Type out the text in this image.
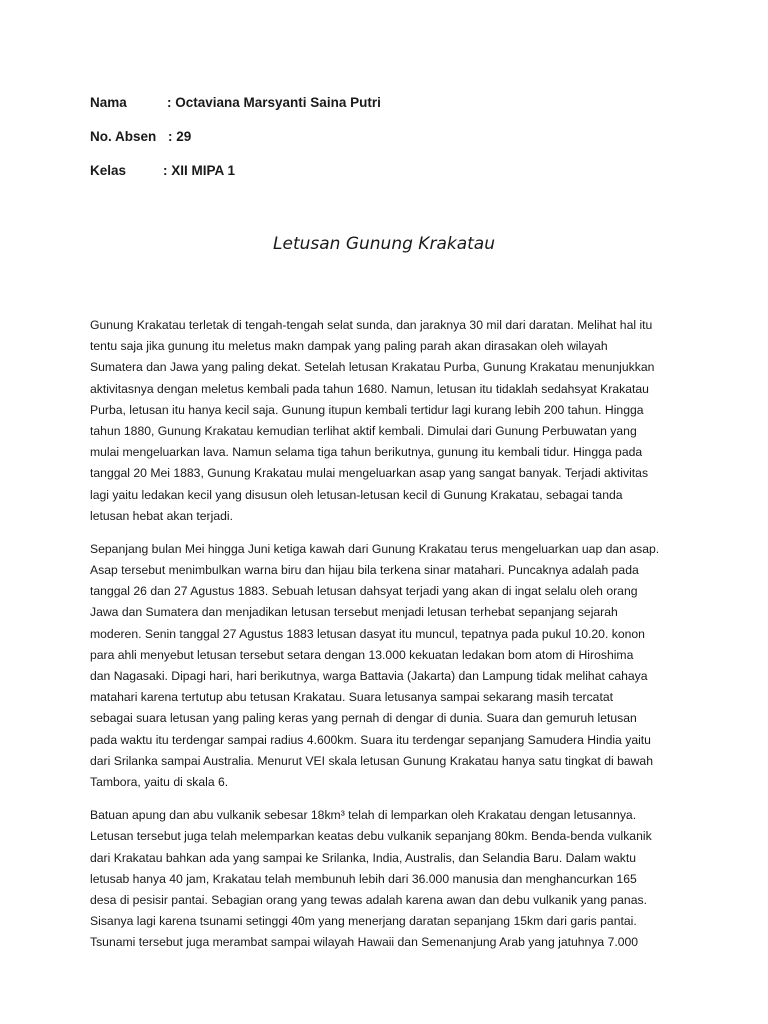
Nama	: Octaviana Marsyanti Saina Putri
No. Absen : 29
Kelas	: XII MIPA 1
Letusan Gunung Krakatau
Gunung Krakatau terletak di tengah-tengah selat sunda, dan jaraknya 30 mil dari daratan. Melihat hal itu
tentu saja jika gunung itu meletus makn dampak yang paling parah akan dirasakan oleh wilayah
Sumatera dan Jawa yang paling dekat. Setelah letusan Krakatau Purba, Gunung Krakatau menunjukkan
aktivitasnya dengan meletus kembali pada tahun 1680. Namun, letusan itu tidaklah sedahsyat Krakatau
Purba, letusan itu hanya kecil saja. Gunung itupun kembali tertidur lagi kurang lebih 200 tahun. Hingga
tahun 1880, Gunung Krakatau kemudian terlihat aktif kembali. Dimulai dari Gunung Perbuwatan yang
mulai mengeluarkan lava. Namun selama tiga tahun berikutnya, gunung itu kembali tidur. Hingga pada
tanggal 20 Mei 1883, Gunung Krakatau mulai mengeluarkan asap yang sangat banyak. Terjadi aktivitas
lagi yaitu ledakan kecil yang disusun oleh letusan-letusan kecil di Gunung Krakatau, sebagai tanda
letusan hebat akan terjadi.
Sepanjang bulan Mei hingga Juni ketiga kawah dari Gunung Krakatau terus mengeluarkan uap dan asap.
Asap tersebut menimbulkan warna biru dan hijau bila terkena sinar matahari. Puncaknya adalah pada
tanggal 26 dan 27 Agustus 1883. Sebuah letusan dahsyat terjadi yang akan di ingat selalu oleh orang
Jawa dan Sumatera dan menjadikan letusan tersebut menjadi letusan terhebat sepanjang sejarah
moderen. Senin tanggal 27 Agustus 1883 letusan dasyat itu muncul, tepatnya pada pukul 10.20. konon
para ahli menyebut letusan tersebut setara dengan 13.000 kekuatan ledakan bom atom di Hiroshima
dan Nagasaki. Dipagi hari, hari berikutnya, warga Battavia (Jakarta) dan Lampung tidak melihat cahaya
matahari karena tertutup abu tetusan Krakatau. Suara letusanya sampai sekarang masih tercatat
sebagai suara letusan yang paling keras yang pernah di dengar di dunia. Suara dan gemuruh letusan
pada waktu itu terdengar sampai radius 4.600km. Suara itu terdengar sepanjang Samudera Hindia yaitu
dari Srilanka sampai Australia. Menurut VEI skala letusan Gunung Krakatau hanya satu tingkat di bawah
Tambora, yaitu di skala 6.
Batuan apung dan abu vulkanik sebesar 18km³ telah di lemparkan oleh Krakatau dengan letusannya.
Letusan tersebut juga telah melemparkan keatas debu vulkanik sepanjang 80km. Benda-benda vulkanik
dari Krakatau bahkan ada yang sampai ke Srilanka, India, Australis, dan Selandia Baru. Dalam waktu
letusab hanya 40 jam, Krakatau telah membunuh lebih dari 36.000 manusia dan menghancurkan 165
desa di pesisir pantai. Sebagian orang yang tewas adalah karena awan dan debu vulkanik yang panas.
Sisanya lagi karena tsunami setinggi 40m yang menerjang daratan sepanjang 15km dari garis pantai.
Tsunami tersebut juga merambat sampai wilayah Hawaii dan Semenanjung Arab yang jatuhnya 7.000
